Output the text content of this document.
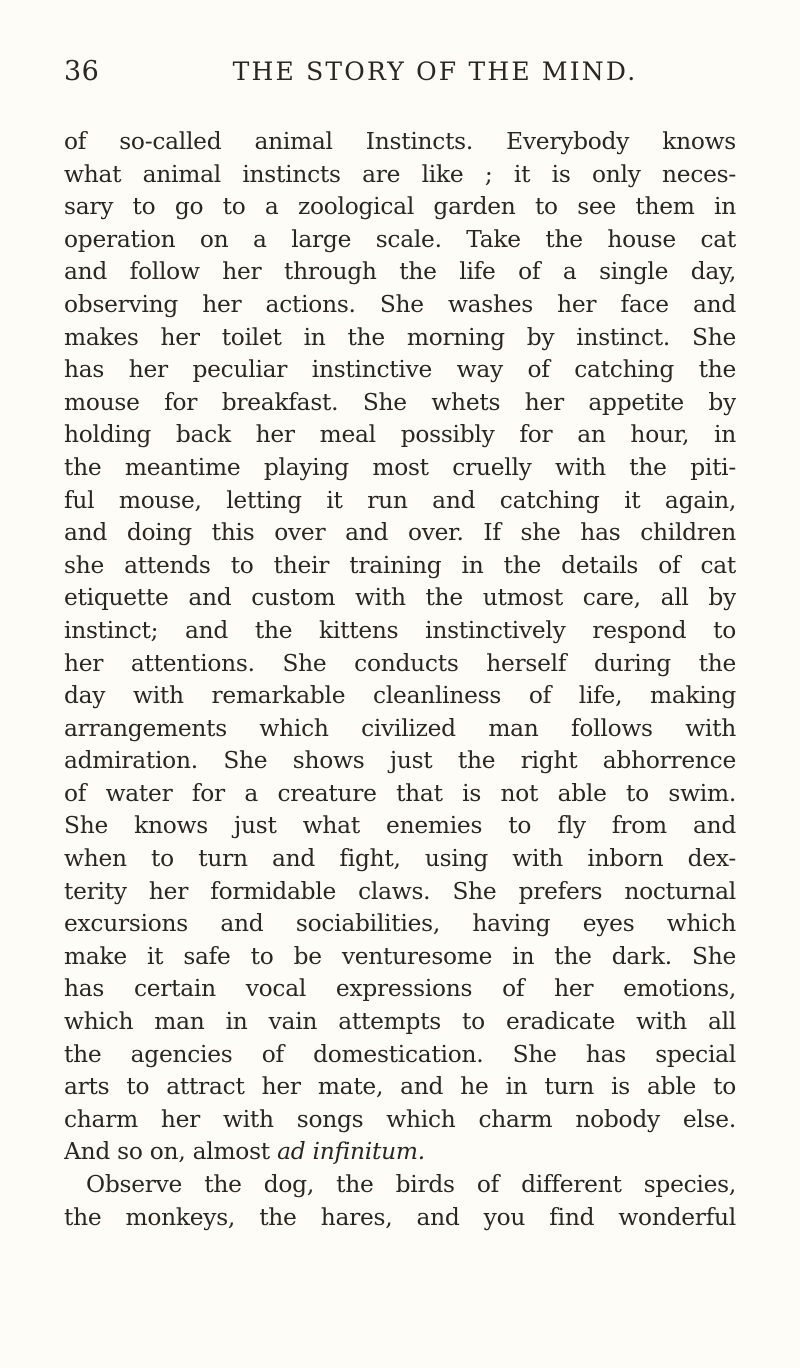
36	THE STORY OF THE MIND.
of so-called animal Instincts. Everybody knows
what animal instincts are like ; it is only neces-
sary to go to a zoological garden to see them in
operation on a large scale. Take the house cat
and follow her through the life of a single day,
observing her actions. She washes her face and
makes her toilet in the morning by instinct. She
has her peculiar instinctive way of catching the
mouse for breakfast. She whets her appetite by
holding back her meal possibly for an hour, in
the meantime playing most cruelly with the piti-
ful mouse, letting it run and catching it again,
and doing this over and over. If she has children
she attends to their training in the details of cat
etiquette and custom with the utmost care, all by
instinct; and the kittens instinctively respond to
her attentions. She conducts herself during the
day with remarkable cleanliness of life, making
arrangements which civilized man follows with
admiration. She shows just the right abhorrence
of water for a creature that is not able to swim.
She knows just what enemies to fly from and
when to turn and fight, using with inborn dex-
terity her formidable claws. She prefers nocturnal
excursions and sociabilities, having eyes which
make it safe to be venturesome in the dark. She
has certain vocal expressions of her emotions,
which man in vain attempts to eradicate with all
the agencies of domestication. She has special
arts to attract her mate, and he in turn is able to
charm her with songs which charm nobody else.
And so on, almost ad infinitum.
Observe the dog, the birds of different species,
the monkeys, the hares, and you find wonderful
